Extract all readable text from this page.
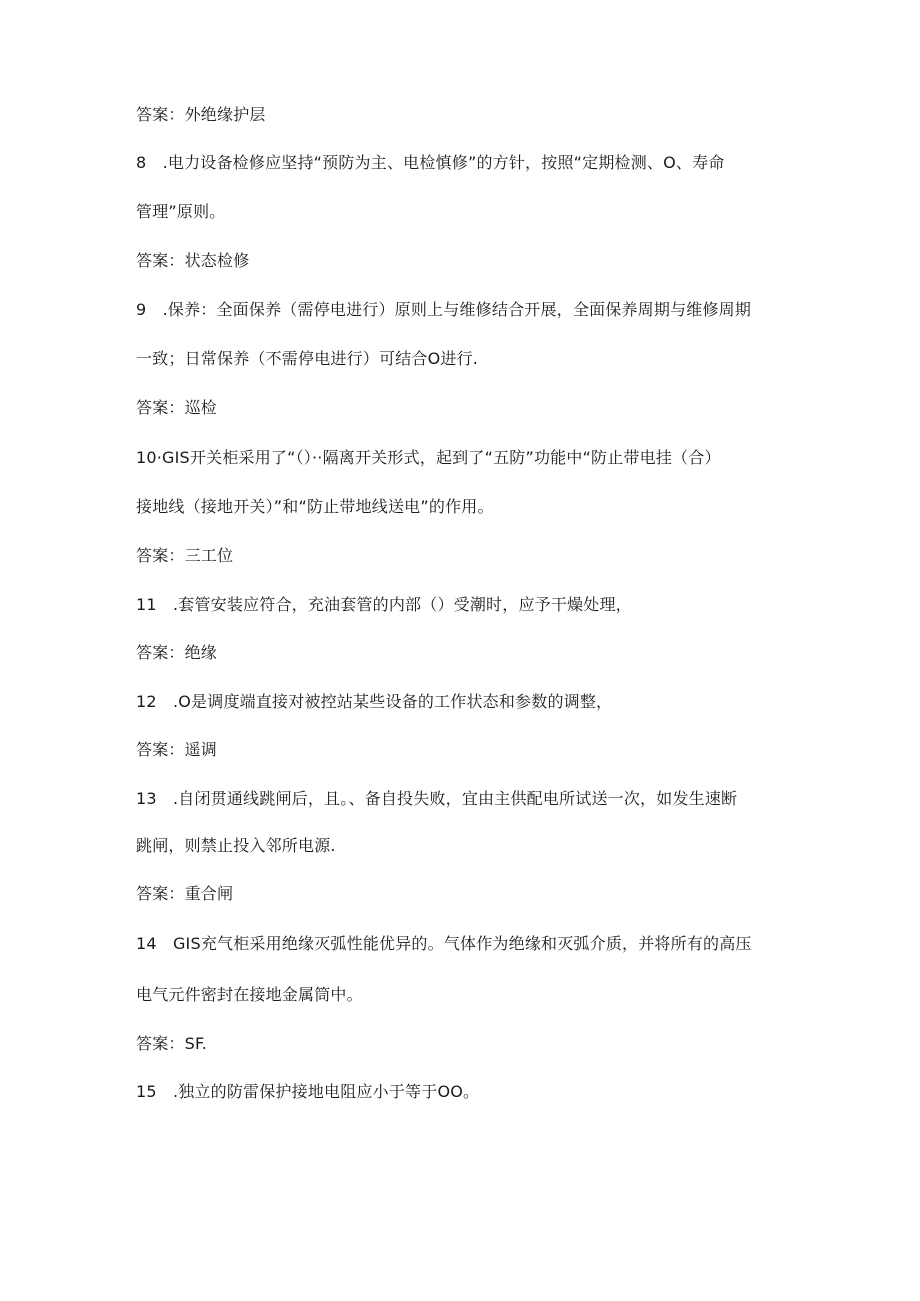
答案：外绝缘护层
8　.电力设备检修应坚持“预防为主、电检慎修”的方针，按照“定期检测、O、寿命
管理”原则。
答案：状态检修
9　.保养：全面保养（需停电进行）原则上与维修结合开展，全面保养周期与维修周期
一致；日常保养（不需停电进行）可结合O进行.
答案：巡检
10·GIS开关柜采用了“（）··隔离开关形式，起到了“五防”功能中“防止带电挂（合）
接地线（接地开关）”和“防止带地线送电”的作用。
答案：三工位
11　.套管安装应符合，充油套管的内部（）受潮时，应予干燥处理，
答案：绝缘
12　.O是调度端直接对被控站某些设备的工作状态和参数的调整，
答案：遥调
13　.自闭贯通线跳闸后，且。、备自投失败，宜由主供配电所试送一次，如发生速断
跳闸，则禁止投入邻所电源.
答案：重合闸
14　GIS充气柜采用绝缘灭弧性能优异的。气体作为绝缘和灭弧介质，并将所有的高压
电气元件密封在接地金属筒中。
答案：SF.
15　.独立的防雷保护接地电阻应小于等于OO。
